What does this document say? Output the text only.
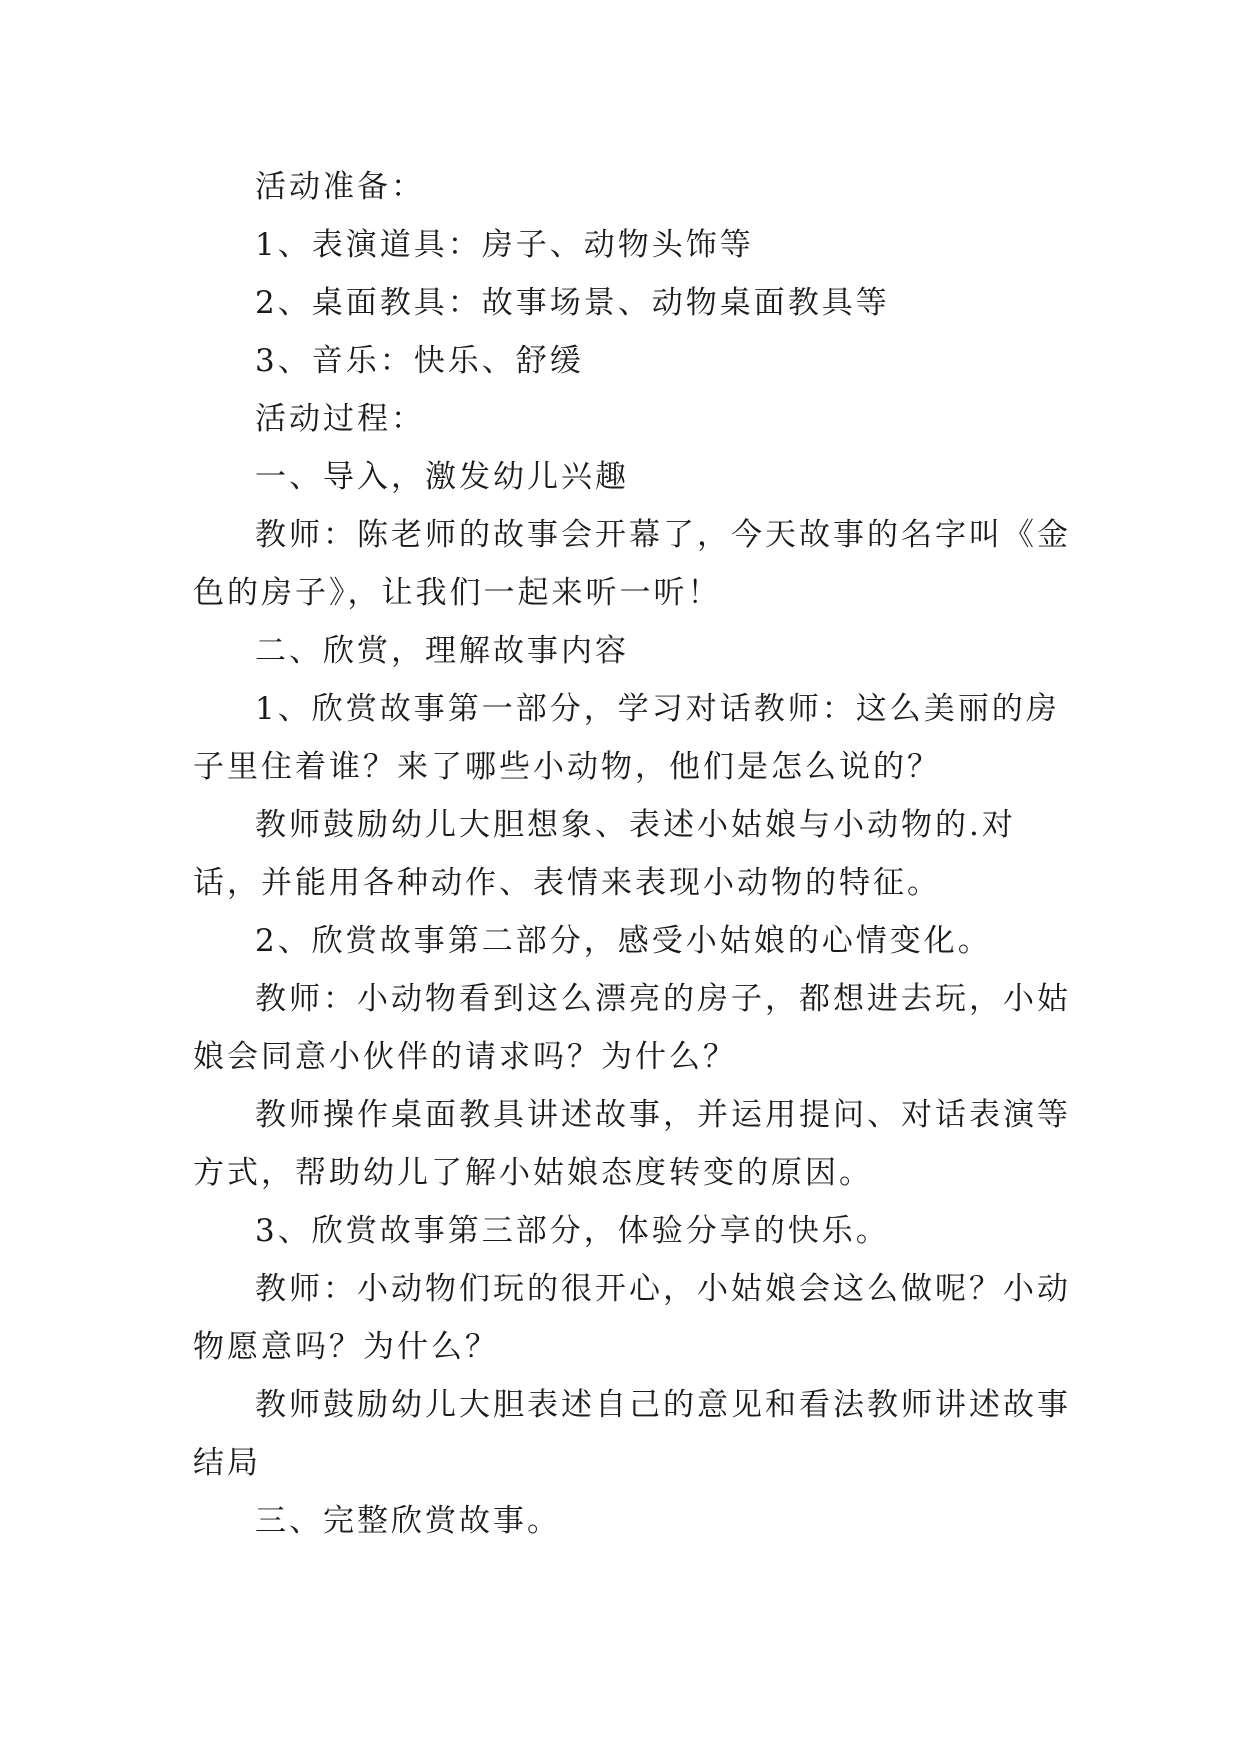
活动准备：

1、表演道具：房子、动物头饰等

2、桌面教具：故事场景、动物桌面教具等

3、音乐：快乐、舒缓

活动过程：

一、导入，激发幼儿兴趣

教师：陈老师的故事会开幕了，今天故事的名字叫《金色的房子》，让我们一起来听一听！

二、欣赏，理解故事内容

1、欣赏故事第一部分，学习对话教师：这么美丽的房子里住着谁？来了哪些小动物，他们是怎么说的？

教师鼓励幼儿大胆想象、表述小姑娘与小动物的.对话，并能用各种动作、表情来表现小动物的特征。

2、欣赏故事第二部分，感受小姑娘的心情变化。

教师：小动物看到这么漂亮的房子，都想进去玩，小姑娘会同意小伙伴的请求吗？为什么？

教师操作桌面教具讲述故事，并运用提问、对话表演等方式，帮助幼儿了解小姑娘态度转变的原因。

3、欣赏故事第三部分，体验分享的快乐。

教师：小动物们玩的很开心，小姑娘会这么做呢？小动物愿意吗？为什么？

教师鼓励幼儿大胆表述自己的意见和看法教师讲述故事结局

三、完整欣赏故事。
